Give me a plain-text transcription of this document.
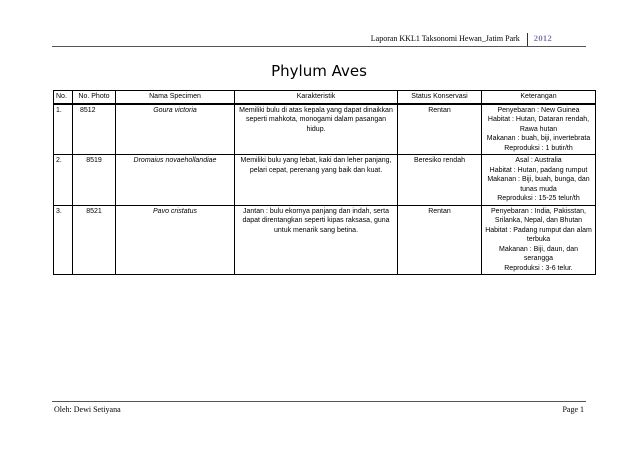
Laporan KKL1 Taksonomi Hewan_Jatim Park	2012
Phylum Aves
No.	No. Photo	Nama Specimen	Karakteristik	Status Konservasi	Keterangan
1.	8512	Goura victoria	Memiliki bulu di atas kepala yang dapat dinaikkan seperti mahkota, monogami dalam pasangan hidup.	Rentan	Penyebaran : New Guinea
Habitat : Hutan, Dataran rendah, Rawa hutan
Makanan : buah, biji, invertebrata
Reproduksi : 1 butir/th

2.	8519	Dromaius novaehollandiae	Memiliki bulu yang lebat, kaki dan leher panjang, pelari cepat, perenang yang baik dan kuat.	Beresiko rendah	Asal : Australia
Habitat : Hutan, padang rumput
Makanan : Biji, buah, bunga, dan tunas muda
Reproduksi : 15-25 telur/th

3.	8521	Pavo cristatus	Jantan : bulu ekornya panjang dan indah, serta dapat direntangkan seperti kipas raksasa, guna untuk menarik sang betina.	Rentan	Penyebaran : India, Pakisstan, Srilanka, Nepal, dan Bhutan
Habitat : Padang rumput dan alam terbuka
Makanan : Biji, daun, dan serangga
Reproduksi : 3-6 telur.
Oleh: Dewi Setiyana	Page 1
